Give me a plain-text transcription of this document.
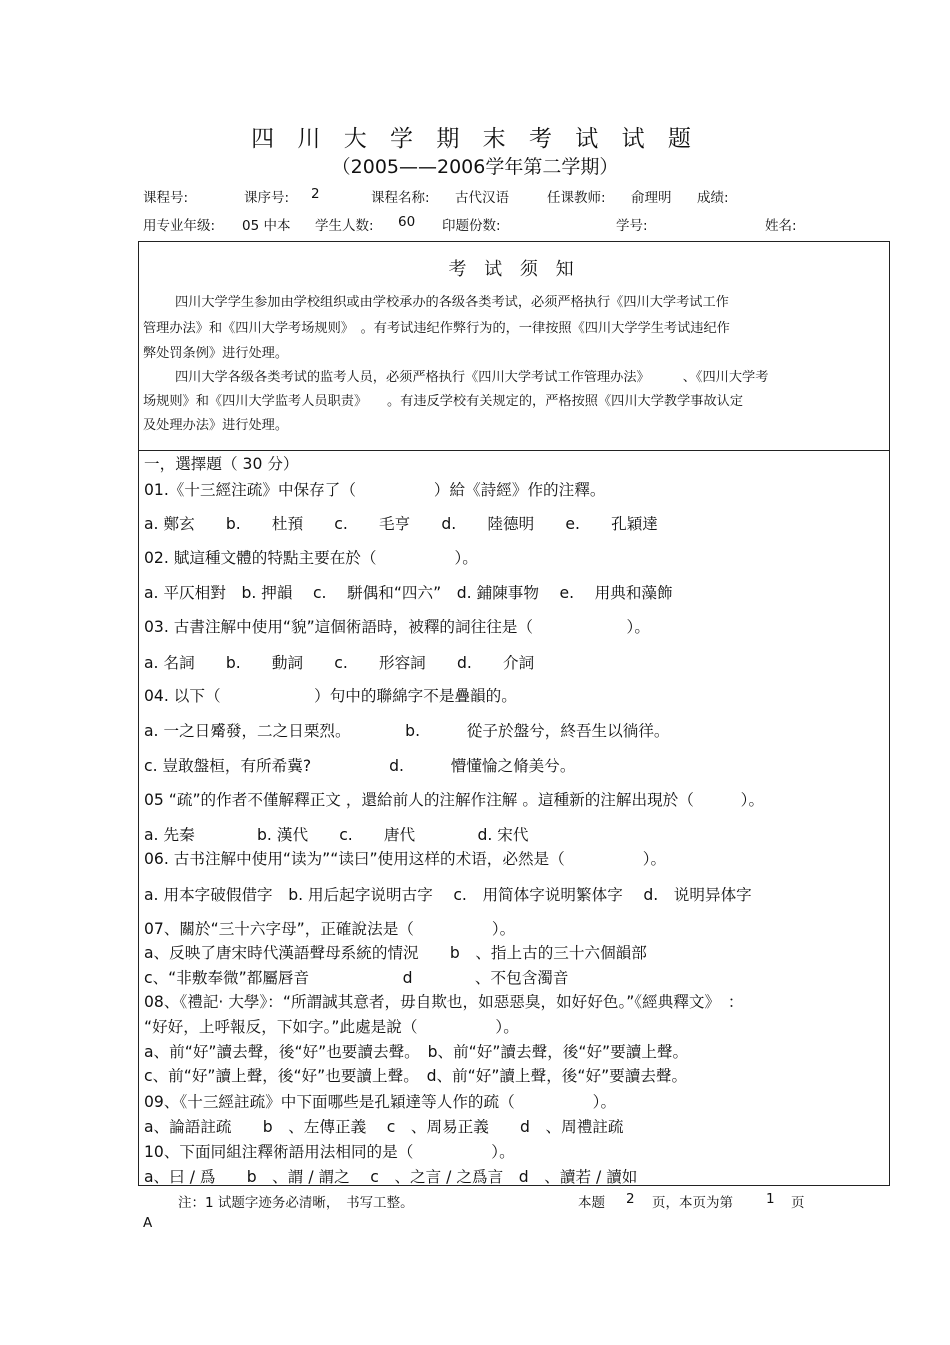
四 川 大 学 期 末 考 试 试 题
（2005——2006学年第二学期）
课程号:	课序号: 2	课程名称: 古代汉语	任课教师: 俞理明 成绩:
用专业年级: 05 中本 学生人数: 60 印题份数:	学号:	姓名:
考 试 须 知
四川大学学生参加由学校组织或由学校承办的各级各类考试，必须严格执行《四川大学考试工作
管理办法》和《四川大学考场规则》　。有考试违纪作弊行为的，一律按照《四川大学学生考试违纪作
弊处罚条例》进行处理。
四川大学各级各类考试的监考人员，必须严格执行《四川大学考试工作管理办法》　　　、《四川大学考
场规则》和《四川大学监考人员职责》　　。有违反学校有关规定的，严格按照《四川大学教学事故认定
及处理办法》进行处理。
一，選擇題（ 30 分）
01.《十三經注疏》中保存了（　　　　　）給《詩經》作的注釋。
a. 鄭玄　　b.　　杜預　　c.　　毛亨　　d.　　陸德明　　e.　　孔穎達
02. 賦這種文體的特點主要在於（　　　　　）。
a. 平仄相對　b. 押韻　 c.　 駢偶和“四六”　d. 鋪陳事物　 e.　 用典和藻飾
03. 古書注解中使用“貌”這個術語時，被釋的詞往往是（　　　　　　）。
a. 名詞　　b.　　動詞　　c.　　形容詞　　d.　　介詞
04. 以下（　　　　　　）句中的聯綿字不是疊韻的。
a. 一之日觱發，二之日栗烈。　　　　b.　　　從子於盤兮，終吾生以徜徉。
c. 豈敢盤桓，有所希冀?　　　　　d.　　　懵懂惀之脩美兮。
05 “疏”的作者不僅解釋正文 ，還給前人的注解作注解 。這種新的注解出現於（　　　）。
a. 先秦　　　　b. 漢代　　c.　　唐代　　　　d. 宋代
06. 古书注解中使用“读为”“读曰”使用这样的术语，必然是（　　　　　）。
a. 用本字破假借字　b. 用后起字说明古字　 c.　用简体字说明繁体字　 d.　说明异体字
07、關於“三十六字母”，正確說法是（　　　　　）。
a、反映了唐宋時代漢語聲母系統的情況　　b　、指上古的三十六個韻部
c、“非敷奉微”都屬唇音　　　　　　d　　　　、不包含濁音
08、《禮記· 大學》：“所謂誠其意者，毋自欺也，如惡惡臭，如好好色。”《經典釋文》　：
“好好，上呼報反，下如字。”此處是說（　　　　　）。
a、前“好”讀去聲，後“好”也要讀去聲。　b、前“好”讀去聲，後“好”要讀上聲。
c、前“好”讀上聲，後“好”也要讀上聲。　d、前“好”讀上聲，後“好”要讀去聲。
09、《十三經註疏》中下面哪些是孔穎達等人作的疏（　　　　　）。
a、論語註疏　　b　、左傳正義　 c　、周易正義　　d　、周禮註疏
10、下面同組注釋術語用法相同的是（　　　　　）。
a、曰 / 爲　　b　、謂 / 謂之　 c　、之言 / 之爲言　d　、讀若 / 讀如
注：1 试题字迹务必清晰，　书写工整。	本题 2 页，本页为第 1 页
A
